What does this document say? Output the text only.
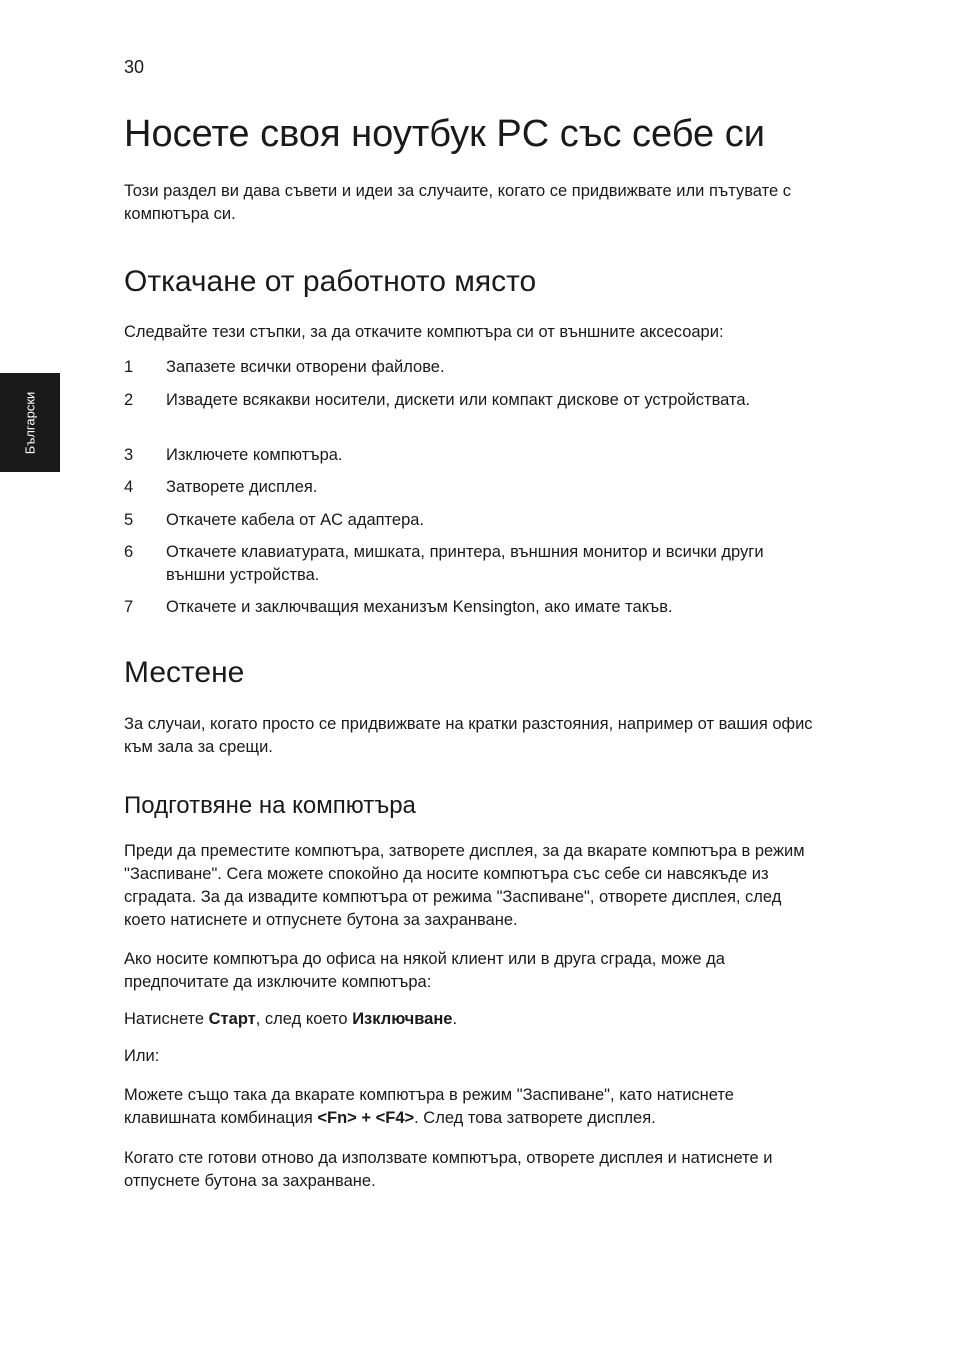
30
Български
Носете своя ноутбук PC със себе си

Този раздел ви дава съвети и идеи за случаите, когато се придвижвате или пътувате с компютъра си.

Откачане от работното място

Следвайте тези стъпки, за да откачите компютъра си от външните аксесоари:

1 Запазете всички отворени файлове.
2 Извадете всякакви носители, дискети или компакт дискове от устройствата.
3 Изключете компютъра.
4 Затворете дисплея.
5 Откачете кабела от AC адаптера.
6 Откачете клавиатурата, мишката, принтера, външния монитор и всички други външни устройства.
7 Откачете и заключващия механизъм Kensington, ако имате такъв.
Местене

За случаи, когато просто се придвижвате на кратки разстояния, например от вашия офис към зала за срещи.

Подготвяне на компютъра

Преди да преместите компютъра, затворете дисплея, за да вкарате компютъра в режим "Заспиване". Сега можете спокойно да носите компютъра със себе си навсякъде из сградата. За да извадите компютъра от режима "Заспиване", отворете дисплея, след което натиснете и отпуснете бутона за захранване.

Ако носите компютъра до офиса на някой клиент или в друга сграда, може да предпочитате да изключите компютъра:

Натиснете Старт, след което Изключване.

Или:

Можете също така да вкарате компютъра в режим "Заспиване", като натиснете клавишната комбинация <Fn> + <F4>. След това затворете дисплея.

Когато сте готови отново да използвате компютъра, отворете дисплея и натиснете и отпуснете бутона за захранване.
